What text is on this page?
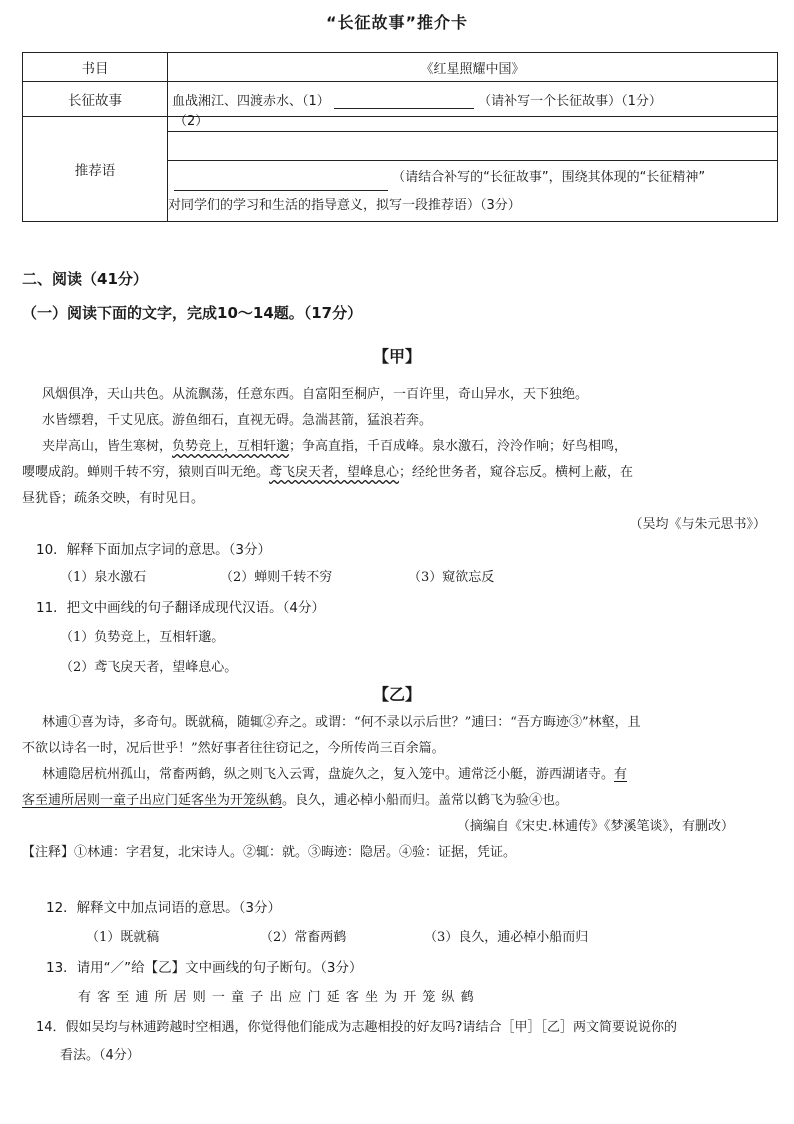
“长征故事”推介卡
书目	《红星照耀中国》
长征故事	血战湘江、四渡赤水、（1） （请补写一个长征故事）（1分）
推荐语	（2）
（请结合补写的“长征故事”，围绕其体现的“长征精神”
对同学们的学习和生活的指导意义，拟写一段推荐语）（3分）
二、阅读（41分）
（一）阅读下面的文字，完成10～14题。（17分）
【甲】
风烟俱净，天山共色。从流飘荡，任意东西。自富阳至桐庐，一百许里，奇山异水，天下独绝。
水皆缥碧，千丈见底。游鱼细石，直视无碍。急湍甚箭，猛浪若奔。
夹岸高山，皆生寒树，负势竞上，互相轩邈；争高直指，千百成峰。泉水激石，泠泠作响；好鸟相鸣，
嘤嘤成韵。蝉则千转不穷，猿则百叫无绝。鸢飞戾天者，望峰息心；经纶世务者，窥谷忘反。横柯上蔽，在
昼犹昏；疏条交映，有时见日。
（吴均《与朱元思书》）
10．解释下面加点字词的意思。（3分）
（1）泉水激石	（2）蝉则千转不穷	（3）窥欲忘反
11．把文中画线的句子翻译成现代汉语。（4分）
（1）负势竞上，互相轩邈。
（2）鸢飞戾天者，望峰息心。
【乙】
林逋①喜为诗，多奇句。既就稿，随辄②弃之。或谓：“何不录以示后世？”逋曰：“吾方晦迹③”林壑，且
不欲以诗名一时，况后世乎！”然好事者往往窃记之，今所传尚三百余篇。
林逋隐居杭州孤山，常畜两鹤，纵之则飞入云霄，盘旋久之，复入笼中。逋常泛小艇，游西湖诸寺。有
客至逋所居则一童子出应门延客坐为开笼纵鹤。良久，逋必棹小船而归。盖常以鹤飞为验④也。
（摘编自《宋史.林逋传》《梦溪笔谈》，有删改）
【注释】①林逋：字君复，北宋诗人。②辄：就。③晦迹：隐居。④验：证据，凭证。
12．解释文中加点词语的意思。（3分）
（1）既就稿	（2）常畜两鹤	（3）良久，逋必棹小船而归
13．请用“／”给【乙】文中画线的句子断句。（3分）
有 客 至 逋 所 居 则 一 童 子 出 应 门 延 客 坐 为 开 笼 纵 鹤
14．假如吴均与林逋跨越时空相遇，你觉得他们能成为志趣相投的好友吗?请结合［甲］［乙］两文简要说说你的
看法。（4分）
